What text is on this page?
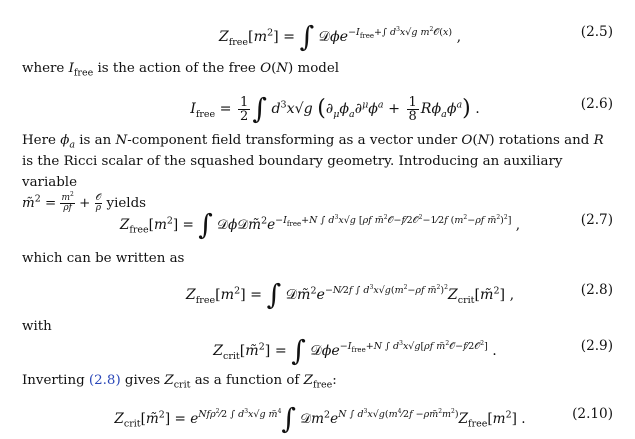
$Z_{free}[m^2]$ = ∫ 𝒟ϕe$^{-I_{free}+\int d^3x√g m^2𝒪(x)}$ ,	(2.5)
where $I_{free}$ is the action of the free O(N) model
$I_{free} = \frac{1}{2}$ ∫ $d^3x√g$ $(\partial_\mu\phi_a\partial^\mu\phi^a + \frac{1}{8} R\phi_a\phi^a)$ .	(2.6)
Here $\phi_a$ is an N-component field transforming as a vector under O(N) rotations and R
is the Ricci scalar of the squashed boundary geometry. Introducing an auxiliary variable
m̃$^2$ = $\frac{m^2}{\rho f} + \frac{\text{𝒪}}{\rho}$ yields
$Z_{free}[m^2]$ = ∫ $𝒟\phi 𝒟m̃^2e^{-I_{free}+N \int d^3x√g [\rho f m̃^2𝒪-f⁄2𝒪^2-1⁄2f (m^2-\rho f m̃^2)^2]}$ ,	(2.7)
which can be written as
$Z_{free}[m^2]$ = ∫ $𝒟m̃^2e^{-N⁄2f \int d^3x√g(m^2-\rho f m̃^2)^2}Z_{crit}[m̃^2]$ ,	(2.8)
with
$Z_{crit}[m̃^2]$ = ∫ 𝒟ϕe$^{-I_{free}+N \int d^3x√g[\rho f m̃^2𝒪-f⁄2𝒪^2]}$ .	(2.9)
Inverting (2.8) gives $Z_{crit}$ as a function of $Z_{free}$:
$Z_{crit}[m̃^2] = e^{Nf\rho^2⁄2 \int d^3x√g m̃^4}\int$ $𝒟m^2e^{N \int d^3x√g(m^4⁄2f -\rho m̃^2m^2)}Z_{free}[m^2]$ .	(2.10)
